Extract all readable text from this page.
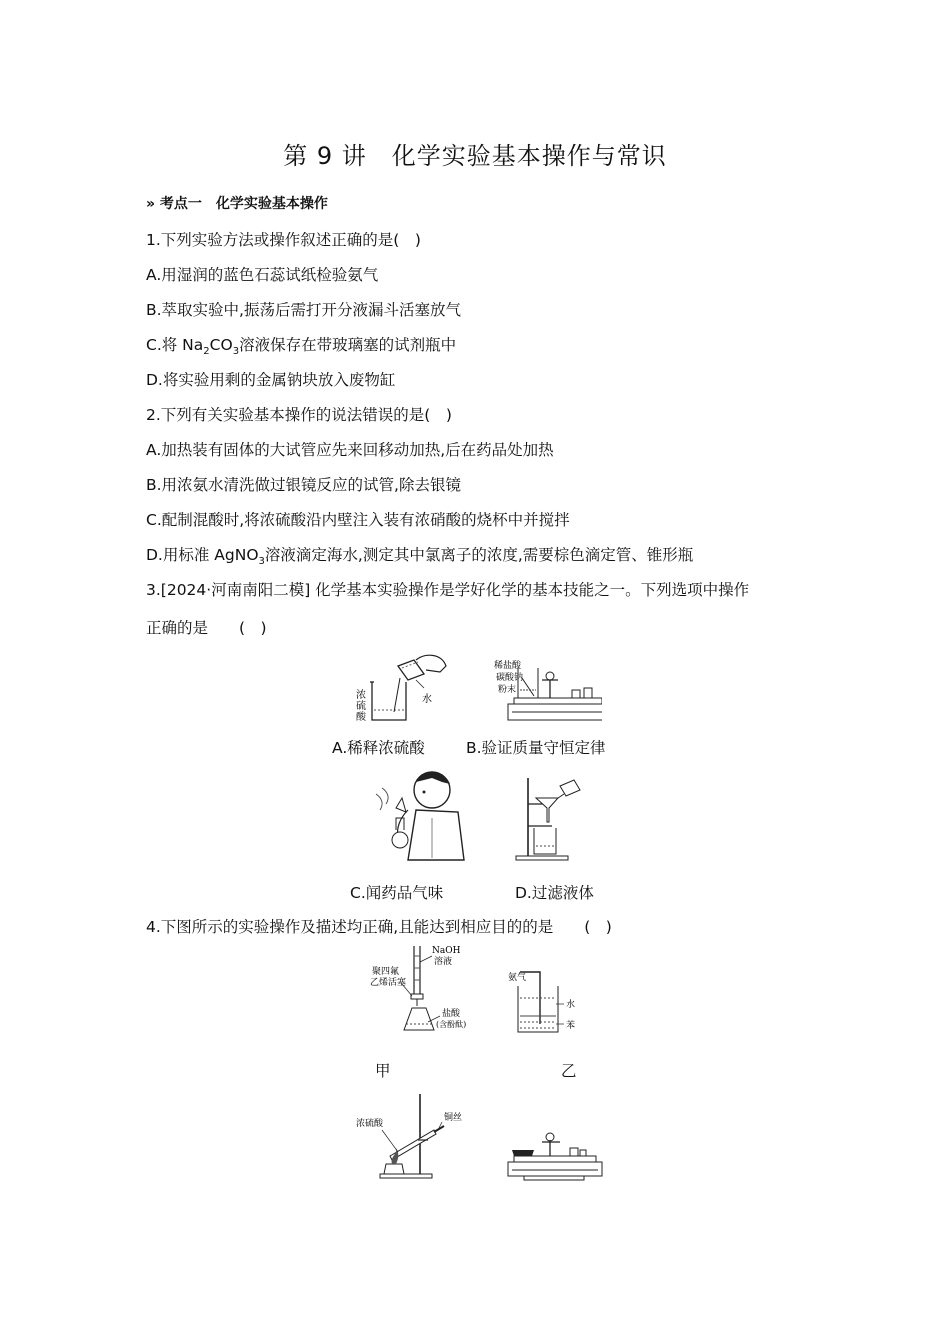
第 9 讲　化学实验基本操作与常识
» 考点一　化学实验基本操作
1.下列实验方法或操作叙述正确的是(　)
A.用湿润的蓝色石蕊试纸检验氨气
B.萃取实验中,振荡后需打开分液漏斗活塞放气
C.将 $Na_2CO_3$溶液保存在带玻璃塞的试剂瓶中
D.将实验用剩的金属钠块放入废物缸
2.下列有关实验基本操作的说法错误的是(　)
A.加热装有固体的大试管应先来回移动加热,后在药品处加热
B.用浓氨水清洗做过银镜反应的试管,除去银镜
C.配制混酸时,将浓硫酸沿内壁注入装有浓硝酸的烧杯中并搅拌
D.用标准 AgNO$_3$溶液滴定海水,测定其中氯离子的浓度,需要棕色滴定管、锥形瓶
3.[2024·河南南阳二模] 化学基本实验操作是学好化学的基本技能之一。下列选项中操作
正确的是　　(　)
浓
硫
酸
水
稀盐酸
碳酸钠
粉末
A.稀释浓硫酸	B.验证质量守恒定律
C.闻药品气味	D.过滤液体
4.下图所示的实验操作及描述均正确,且能达到相应目的的是　　(　)
NaOH
溶液
聚四氟
乙烯活塞
盐酸
(含酚酞)
氨气
水
苯
甲	乙
浓硫酸
铜丝
